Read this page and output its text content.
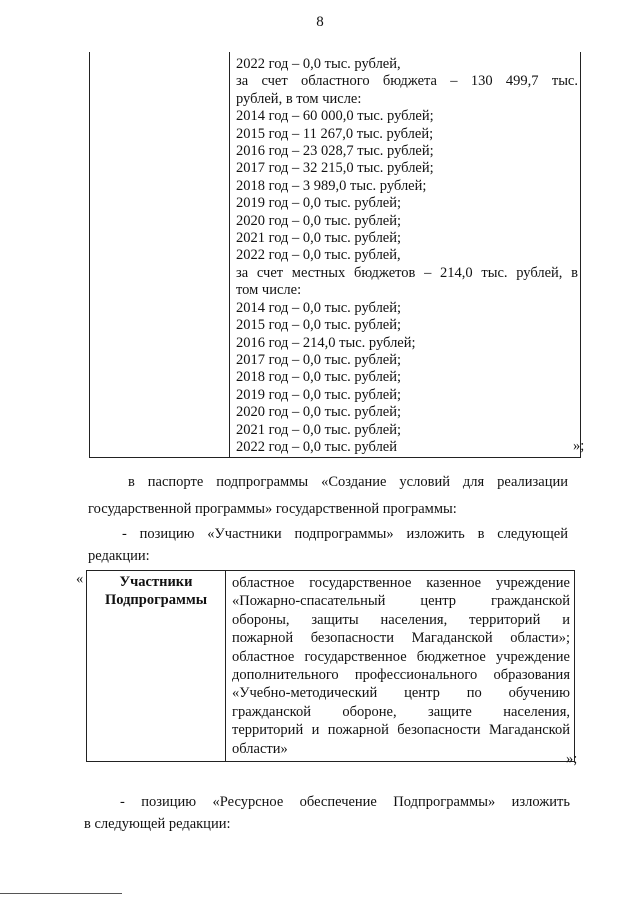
8
2022 год – 0,0 тыс. рублей,
за счет областного бюджета – 130 499,7 тыс.
рублей, в том числе:
2014 год – 60 000,0 тыс. рублей;
2015 год – 11 267,0 тыс. рублей;
2016 год – 23 028,7 тыс. рублей;
2017 год – 32 215,0 тыс. рублей;
2018 год – 3 989,0 тыс. рублей;
2019 год – 0,0 тыс. рублей;
2020 год – 0,0 тыс. рублей;
2021 год – 0,0 тыс. рублей;
2022 год – 0,0 тыс. рублей,
за счет местных бюджетов – 214,0 тыс. рублей, в
том числе:
2014 год – 0,0 тыс. рублей;
2015 год – 0,0 тыс. рублей;
2016 год – 214,0 тыс. рублей;
2017 год – 0,0 тыс. рублей;
2018 год – 0,0 тыс. рублей;
2019 год – 0,0 тыс. рублей;
2020 год – 0,0 тыс. рублей;
2021 год – 0,0 тыс. рублей;
2022 год – 0,0 тыс. рублей	»;
в паспорте подпрограммы «Создание условий для реализации
государственной программы» государственной программы:
- позицию «Участники подпрограммы» изложить в следующей
редакции:
«	Участники
Подпрограммы
областное государственное казенное учреждение
«Пожарно-спасательный центр гражданской
обороны, защиты населения, территорий и
пожарной безопасности Магаданской области»;
областное государственное бюджетное учреждение
дополнительного профессионального образования
«Учебно-методический центр по обучению
гражданской обороне, защите населения,
территорий и пожарной безопасности Магаданской
области»
»;
- позицию «Ресурсное обеспечение Подпрограммы» изложить
в следующей редакции:
